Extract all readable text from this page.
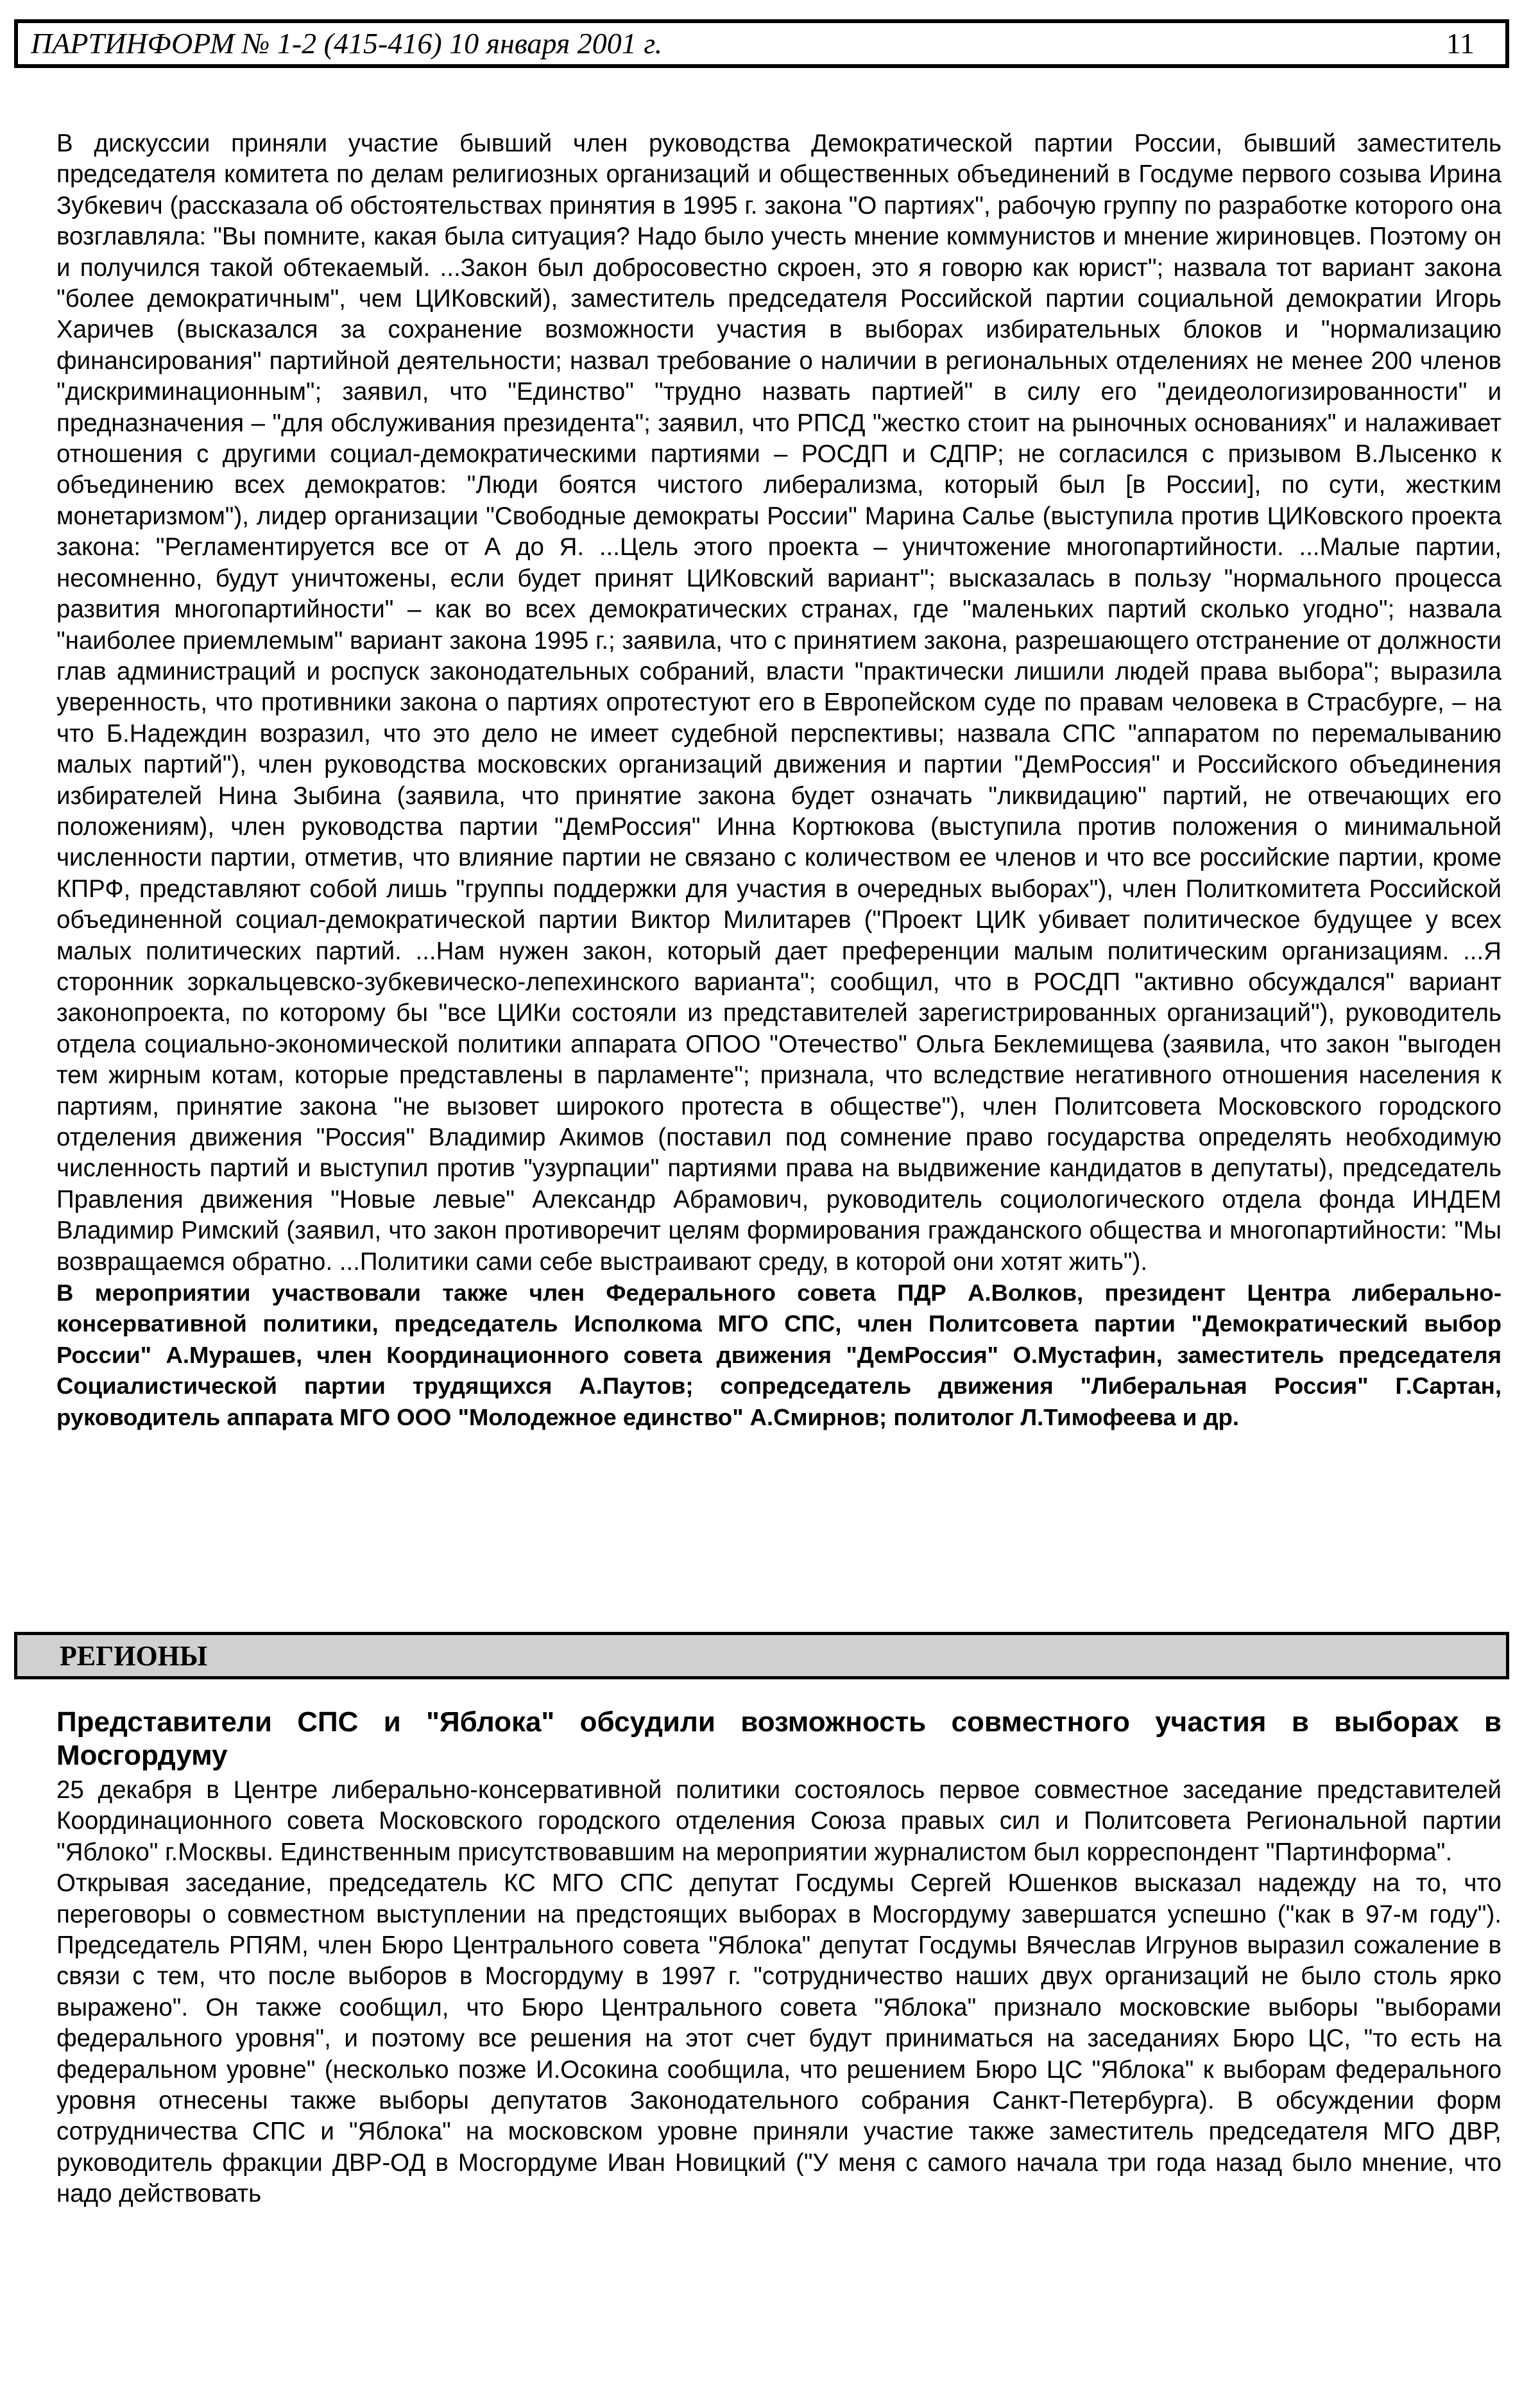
ПАРТИНФОРМ № 1-2 (415-416) 10 января 2001 г.	11

В дискуссии приняли участие бывший член руководства Демократической партии России, бывший заместитель председателя комитета по делам религиозных организаций и общественных объединений в Госдуме первого созыва Ирина Зубкевич (рассказала об обстоятельствах принятия в 1995 г. закона "О партиях", рабочую группу по разработке которого она возглавляла: "Вы помните, какая была ситуация? Надо было учесть мнение коммунистов и мнение жириновцев. Поэтому он и получился такой обтекаемый. ...Закон был добросовестно скроен, это я говорю как юрист"; назвала тот вариант закона "более демократичным", чем ЦИКовский), заместитель председателя Российской партии социальной демократии Игорь Харичев (высказался за сохранение возможности участия в выборах избирательных блоков и "нормализацию финансирования" партийной деятельности; назвал требование о наличии в региональных отделениях не менее 200 членов "дискриминационным"; заявил, что "Единство" "трудно назвать партией" в силу его "деидеологизированности" и предназначения – "для обслуживания президента"; заявил, что РПСД "жестко стоит на рыночных основаниях" и налаживает отношения с другими социал-демократическими партиями – РОСДП и СДПР; не согласился с призывом В.Лысенко к объединению всех демократов: "Люди боятся чистого либерализма, который был [в России], по сути, жестким монетаризмом"), лидер организации "Свободные демократы России" Марина Салье (выступила против ЦИКовского проекта закона: "Регламентируется все от А до Я. ...Цель этого проекта – уничтожение многопартийности. ...Малые партии, несомненно, будут уничтожены, если будет принят ЦИКовский вариант"; высказалась в пользу "нормального процесса развития многопартийности" – как во всех демократических странах, где "маленьких партий сколько угодно"; назвала "наиболее приемлемым" вариант закона 1995 г.; заявила, что с принятием закона, разрешающего отстранение от должности глав администраций и роспуск законодательных собраний, власти "практически лишили людей права выбора"; выразила уверенность, что противники закона о партиях опротестуют его в Европейском суде по правам человека в Страсбурге, – на что Б.Надеждин возразил, что это дело не имеет судебной перспективы; назвала СПС "аппаратом по перемалыванию малых партий"), член руководства московских организаций движения и партии "ДемРоссия" и Российского объединения избирателей Нина Зыбина (заявила, что принятие закона будет означать "ликвидацию" партий, не отвечающих его положениям), член руководства партии "ДемРоссия" Инна Кортюкова (выступила против положения о минимальной численности партии, отметив, что влияние партии не связано с количеством ее членов и что все российские партии, кроме КПРФ, представляют собой лишь "группы поддержки для участия в очередных выборах"), член Политкомитета Российской объединенной социал-демократической партии Виктор Милитарев ("Проект ЦИК убивает политическое будущее у всех малых политических партий. ...Нам нужен закон, который дает преференции малым политическим организациям. ...Я сторонник зоркальцевско-зубкевическо-лепехинского варианта"; сообщил, что в РОСДП "активно обсуждался" вариант законопроекта, по которому бы "все ЦИКи состояли из представителей зарегистрированных организаций"), руководитель отдела социально-экономической политики аппарата ОПОО "Отечество" Ольга Беклемищева (заявила, что закон "выгоден тем жирным котам, которые представлены в парламенте"; признала, что вследствие негативного отношения населения к партиям, принятие закона "не вызовет широкого протеста в обществе"), член Политсовета Московского городского отделения движения "Россия" Владимир Акимов (поставил под сомнение право государства определять необходимую численность партий и выступил против "узурпации" партиями права на выдвижение кандидатов в депутаты), председатель Правления движения "Новые левые" Александр Абрамович, руководитель социологического отдела фонда ИНДЕМ Владимир Римский (заявил, что закон противоречит целям формирования гражданского общества и многопартийности: "Мы возвращаемся обратно. ...Политики сами себе выстраивают среду, в которой они хотят жить").

В мероприятии участвовали также член Федерального совета ПДР А.Волков, президент Центра либерально-консервативной политики, председатель Исполкома МГО СПС, член Политсовета партии "Демократический выбор России" А.Мурашев, член Координационного совета движения "ДемРоссия" О.Мустафин, заместитель председателя Социалистической партии трудящихся А.Паутов; сопредседатель движения "Либеральная Россия" Г.Сартан, руководитель аппарата МГО ООО "Молодежное единство" А.Смирнов; политолог Л.Тимофеева и др.

РЕГИОНЫ
Представители СПС и "Яблока" обсудили возможность совместного участия в выборах в Мосгордуму

25 декабря в Центре либерально-консервативной политики состоялось первое совместное заседание представителей Координационного совета Московского городского отделения Союза правых сил и Политсовета Региональной партии "Яблоко" г.Москвы. Единственным присутствовавшим на мероприятии журналистом был корреспондент "Партинформа".

Открывая заседание, председатель КС МГО СПС депутат Госдумы Сергей Юшенков высказал надежду на то, что переговоры о совместном выступлении на предстоящих выборах в Мосгордуму завершатся успешно ("как в 97-м году"). Председатель РПЯМ, член Бюро Центрального совета "Яблока" депутат Госдумы Вячеслав Игрунов выразил сожаление в связи с тем, что после выборов в Мосгордуму в 1997 г. "сотрудничество наших двух организаций не было столь ярко выражено". Он также сообщил, что Бюро Центрального совета "Яблока" признало московские выборы "выборами федерального уровня", и поэтому все решения на этот счет будут приниматься на заседаниях Бюро ЦС, "то есть на федеральном уровне" (несколько позже И.Осокина сообщила, что решением Бюро ЦС "Яблока" к выборам федерального уровня отнесены также выборы депутатов Законодательного собрания Санкт-Петербурга). В обсуждении форм сотрудничества СПС и "Яблока" на московском уровне приняли участие также заместитель председателя МГО ДВР, руководитель фракции ДВР-ОД в Мосгордуме Иван Новицкий ("У меня с самого начала три года назад было мнение, что надо действовать
